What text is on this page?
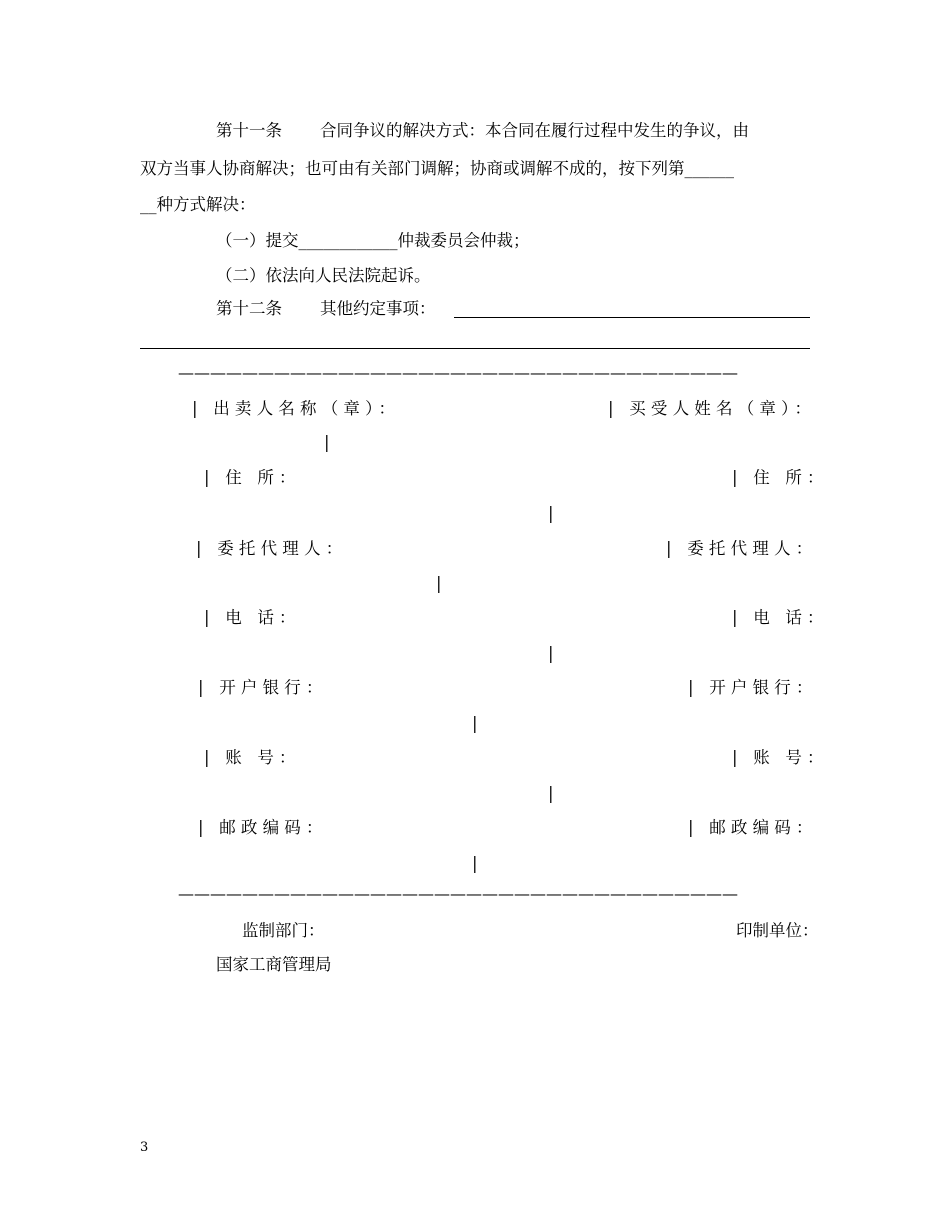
第十一条 合同争议的解决方式：本合同在履行过程中发生的争议，由
双方当事人协商解决；也可由有关部门调解；协商或调解不成的，按下列第______
__种方式解决：
（一）提交____________仲裁委员会仲裁；
（二）依法向人民法院起诉。
第十二条 其他约定事项：
———————————————————————————————————
| 出卖人名称（章）：	| 买受人姓名（章）：
|
| 住 所：	| 住 所：
|
| 委托代理人：	| 委托代理人：
|
| 电 话：	| 电 话：
|
| 开户银行：	| 开户银行：
|
| 账 号：	| 账 号：
|
| 邮政编码：	| 邮政编码：
|
———————————————————————————————————
监制部门：	印制单位：
国家工商管理局
3
